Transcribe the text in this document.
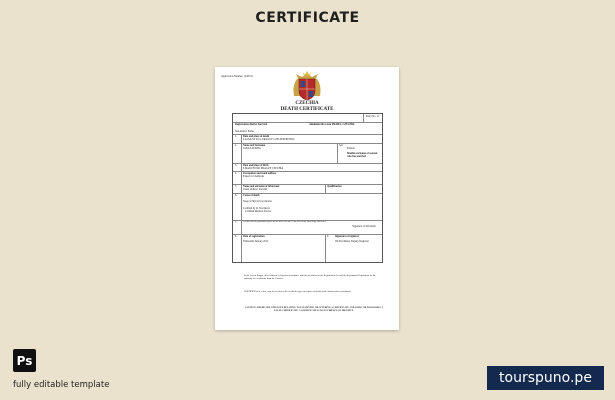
CERTIFICATE
Application Number: 1458741
CZECHIA
DEATH CERTIFICATE
Entry No. 11
Registration district Karviná	Administrative area PRAHA, CZECHIA
Sub-district Praha
1. Date and place of death
4 AUGUST 2011, PRAGUE CZECH REPUBLIC
2. Name and Surname
JANA LUCKBA
Sex
Female
Maiden surname of woman who has married
3. Date and place of birth
8 MARCH 1991 PRAGUE CZECHIA
4. Occupation and usual address
Expert in Chemicals
5. Name and surname of informant	Qualification
Usual address: Karviná
6. Cause of death
Stage 4 Thyroid Carcinoma
Certified by R. Nováková
Certified Medical Doctor
7.	I certify that the particulars given by me above are true to the best of my knowledge and belief
Signature of informant
8. Date of registration
Thirteenth January 2012
9. Signature of registrar
Jiří Procházka, Deputy Registrar
In the City of Prague, this certificate is issued in accordance with the provisions of the Registration Act and the Registration Regulations on the authority of a certificate from the Coroner.
CERTIFIED to be a true copy of an entry in the certified copy of a register of deaths in the district above mentioned.
CAUTION: THERE ARE OFFENCES RELATING TO FALSIFYING OR ALTERING A CERTIFICATE AND USING OR POSSESSING A FALSE CERTIFICATE. A CERTIFICATE IS NOT EVIDENCE OF IDENTITY.
Ps
fully editable template	tourspuno.pe
